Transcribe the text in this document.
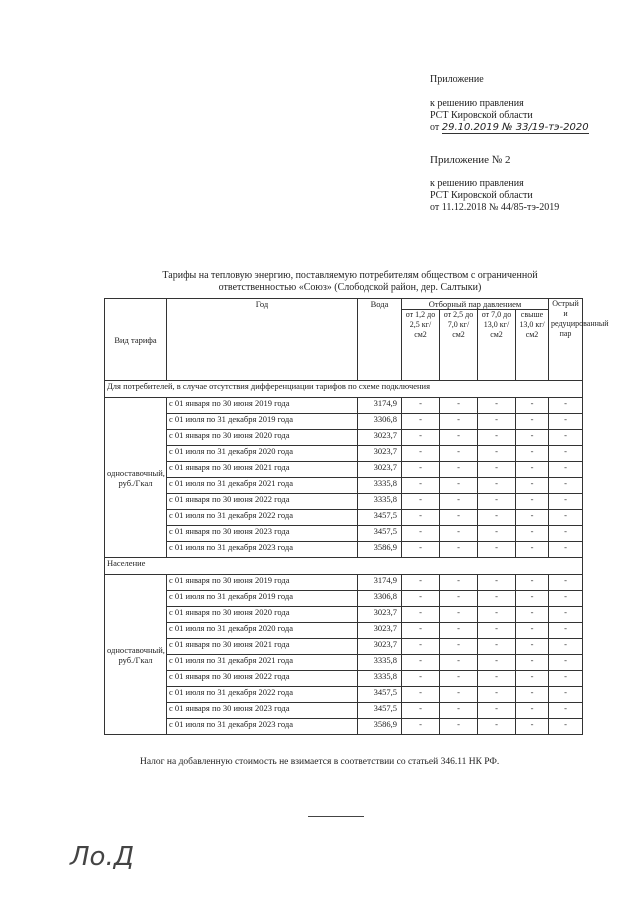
Приложение
к решению правления
РСТ Кировской области
от 29.10.2019 № 33/19-тэ-2020
Приложение № 2
к решению правления
РСТ Кировской области
от 11.12.2018 № 44/85-тэ-2019
Тарифы на тепловую энергию, поставляемую потребителям обществом с ограниченной
ответственностью «Союз» (Слободской район, дер. Салтыки)
Вид тарифа	Год	Вода	Отборный пар давлением				Острый и редуцированный пар
			от 1,2 до 2,5 кг/см2	от 2,5 до 7,0 кг/см2	от 7,0 до 13,0 кг/см2	свыше 13,0 кг/см2	
Для потребителей, в случае отсутствия дифференциации тарифов по схеме подключения							
одноставочный, руб./Гкал	с 01 января по 30 июня 2019 года	3174,9	-	-	-	-	-
	с 01 июля по 31 декабря 2019 года	3306,8	-	-	-	-	-
	с 01 января по 30 июня 2020 года	3023,7	-	-	-	-	-
	с 01 июля по 31 декабря 2020 года	3023,7	-	-	-	-	-
	с 01 января по 30 июня 2021 года	3023,7	-	-	-	-	-
	с 01 июля по 31 декабря 2021 года	3335,8	-	-	-	-	-
	с 01 января по 30 июня 2022 года	3335,8	-	-	-	-	-
	с 01 июля по 31 декабря 2022 года	3457,5	-	-	-	-	-
	с 01 января по 30 июня 2023 года	3457,5	-	-	-	-	-
	с 01 июля по 31 декабря 2023 года	3586,9	-	-	-	-	-
Население							
одноставочный, руб./Гкал	с 01 января по 30 июня 2019 года	3174,9	-	-	-	-	-
	с 01 июля по 31 декабря 2019 года	3306,8	-	-	-	-	-
	с 01 января по 30 июня 2020 года	3023,7	-	-	-	-	-
	с 01 июля по 31 декабря 2020 года	3023,7	-	-	-	-	-
	с 01 января по 30 июня 2021 года	3023,7	-	-	-	-	-
	с 01 июля по 31 декабря 2021 года	3335,8	-	-	-	-	-
	с 01 января по 30 июня 2022 года	3335,8	-	-	-	-	-
	с 01 июля по 31 декабря 2022 года	3457,5	-	-	-	-	-
	с 01 января по 30 июня 2023 года	3457,5	-	-	-	-	-
	с 01 июля по 31 декабря 2023 года	3586,9	-	-	-	-	-
Налог на добавленную стоимость не взимается в соответствии со статьей 346.11 НК РФ.
Ло.Д
